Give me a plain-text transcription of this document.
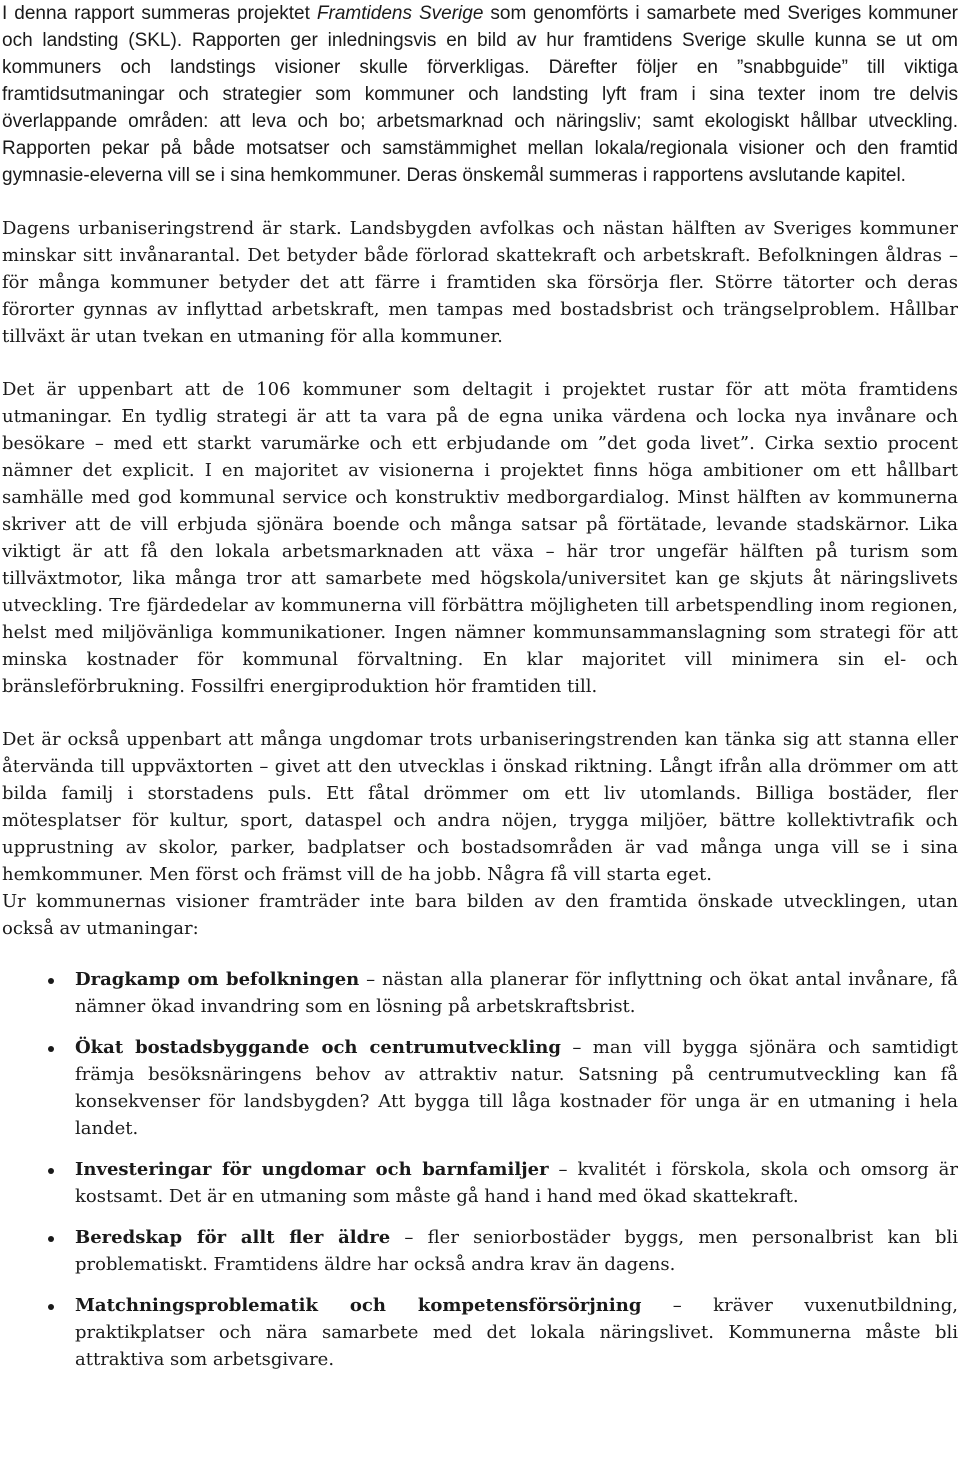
I denna rapport summeras projektet Framtidens Sverige som genomförts i samarbete med Sveriges kommuner och landsting (SKL). Rapporten ger inledningsvis en bild av hur framtidens Sverige skulle kunna se ut om kommuners och landstings visioner skulle förverkligas. Därefter följer en ”snabbguide” till viktiga framtidsutmaningar och strategier som kommuner och landsting lyft fram i sina texter inom tre delvis överlappande områden: att leva och bo; arbetsmarknad och näringsliv; samt ekologiskt hållbar utveckling. Rapporten pekar på både motsatser och samstämmighet mellan lokala/regionala visioner och den framtid gymnasie-eleverna vill se i sina hemkommuner. Deras önskemål summeras i rapportens avslutande kapitel.

Dagens urbaniseringstrend är stark. Landsbygden avfolkas och nästan hälften av Sveriges kommuner minskar sitt invånarantal. Det betyder både förlorad skattekraft och arbetskraft. Befolkningen åldras – för många kommuner betyder det att färre i framtiden ska försörja fler. Större tätorter och deras förorter gynnas av inflyttad arbetskraft, men tampas med bostadsbrist och trängselproblem. Hållbar tillväxt är utan tvekan en utmaning för alla kommuner.

Det är uppenbart att de 106 kommuner som deltagit i projektet rustar för att möta framtidens utmaningar. En tydlig strategi är att ta vara på de egna unika värdena och locka nya invånare och besökare – med ett starkt varumärke och ett erbjudande om ”det goda livet”. Cirka sextio procent nämner det explicit. I en majoritet av visionerna i projektet finns höga ambitioner om ett hållbart samhälle med god kommunal service och konstruktiv medborgardialog. Minst hälften av kommunerna skriver att de vill erbjuda sjönära boende och många satsar på förtätade, levande stadskärnor. Lika viktigt är att få den lokala arbetsmarknaden att växa – här tror ungefär hälften på turism som tillväxtmotor, lika många tror att samarbete med högskola/universitet kan ge skjuts åt näringslivets utveckling. Tre fjärdedelar av kommunerna vill förbättra möjligheten till arbetspendling inom regionen, helst med miljövänliga kommunikationer. Ingen nämner kommunsammanslagning som strategi för att minska kostnader för kommunal förvaltning. En klar majoritet vill minimera sin el- och bränsleförbrukning. Fossilfri energiproduktion hör framtiden till.

Det är också uppenbart att många ungdomar trots urbaniseringstrenden kan tänka sig att stanna eller återvända till uppväxtorten – givet att den utvecklas i önskad riktning. Långt ifrån alla drömmer om att bilda familj i storstadens puls. Ett fåtal drömmer om ett liv utomlands. Billiga bostäder, fler mötesplatser för kultur, sport, dataspel och andra nöjen, trygga miljöer, bättre kollektivtrafik och upprustning av skolor, parker, badplatser och bostadsområden är vad många unga vill se i sina hemkommuner. Men först och främst vill de ha jobb. Några få vill starta eget.

Ur kommunernas visioner framträder inte bara bilden av den framtida önskade utvecklingen, utan också av utmaningar:

Dragkamp om befolkningen – nästan alla planerar för inflyttning och ökat antal invånare, få nämner ökad invandring som en lösning på arbetskraftsbrist.
Ökat bostadsbyggande och centrumutveckling – man vill bygga sjönära och samtidigt främja besöksnäringens behov av attraktiv natur. Satsning på centrumutveckling kan få konsekvenser för landsbygden? Att bygga till låga kostnader för unga är en utmaning i hela landet.
Investeringar för ungdomar och barnfamiljer – kvalitét i förskola, skola och omsorg är kostsamt. Det är en utmaning som måste gå hand i hand med ökad skattekraft.
Beredskap för allt fler äldre – fler seniorbostäder byggs, men personalbrist kan bli problematiskt. Framtidens äldre har också andra krav än dagens.
Matchningsproblematik och kompetensförsörjning – kräver vuxenutbildning, praktikplatser och nära samarbete med det lokala näringslivet. Kommunerna måste bli attraktiva som arbetsgivare.
